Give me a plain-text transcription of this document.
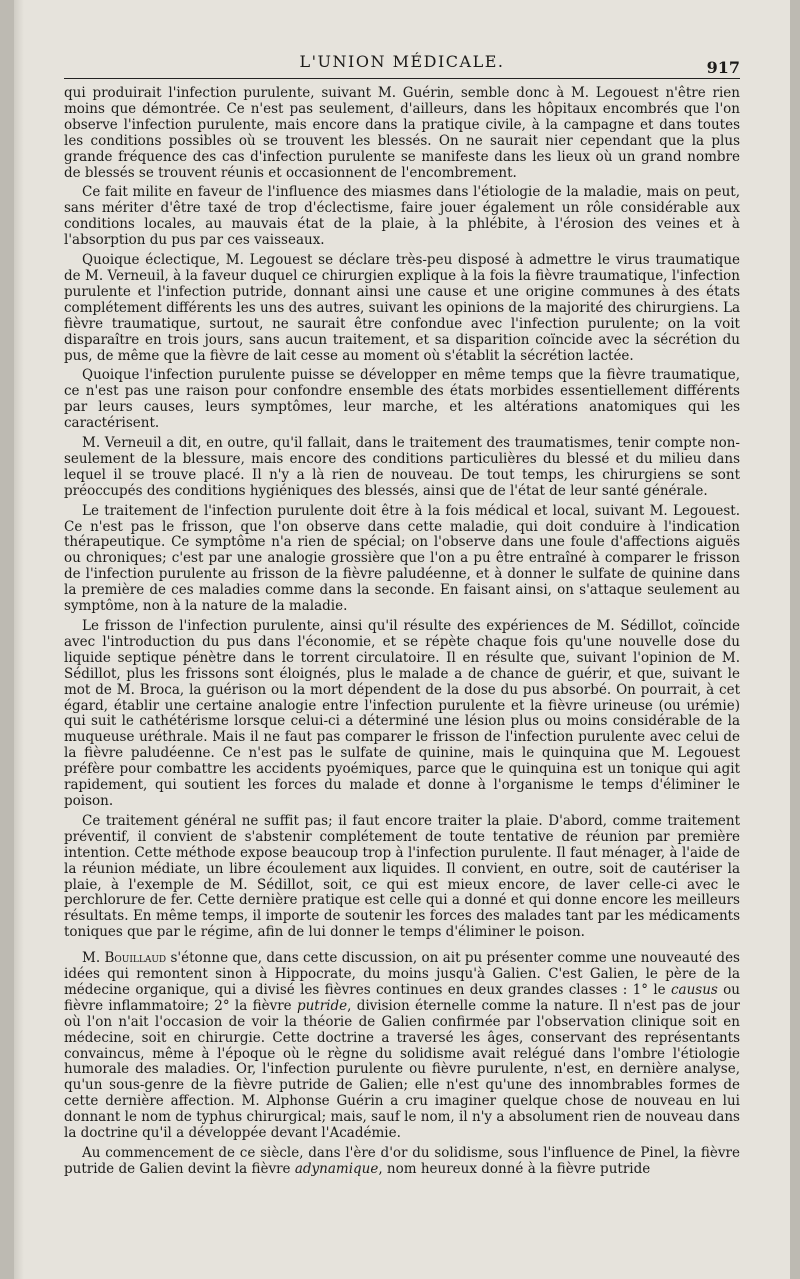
L'UNION MÉDICALE.	917

qui produirait l'infection purulente, suivant M. Guérin, semble donc à M. Legouest n'être rien moins que démontrée. Ce n'est pas seulement, d'ailleurs, dans les hôpitaux encombrés que l'on observe l'infection purulente, mais encore dans la pratique civile, à la campagne et dans toutes les conditions possibles où se trouvent les blessés. On ne saurait nier cependant que la plus grande fréquence des cas d'infection purulente se manifeste dans les lieux où un grand nombre de blessés se trouvent réunis et occasionnent de l'encombrement.

Ce fait milite en faveur de l'influence des miasmes dans l'étiologie de la maladie, mais on peut, sans mériter d'être taxé de trop d'éclectisme, faire jouer également un rôle considérable aux conditions locales, au mauvais état de la plaie, à la phlébite, à l'érosion des veines et à l'absorption du pus par ces vaisseaux.

Quoique éclectique, M. Legouest se déclare très-peu disposé à admettre le virus traumatique de M. Verneuil, à la faveur duquel ce chirurgien explique à la fois la fièvre traumatique, l'infection purulente et l'infection putride, donnant ainsi une cause et une origine communes à des états complétement différents les uns des autres, suivant les opinions de la majorité des chirurgiens. La fièvre traumatique, surtout, ne saurait être confondue avec l'infection purulente; on la voit disparaître en trois jours, sans aucun traitement, et sa disparition coïncide avec la sécrétion du pus, de même que la fièvre de lait cesse au moment où s'établit la sécrétion lactée.

Quoique l'infection purulente puisse se développer en même temps que la fièvre traumatique, ce n'est pas une raison pour confondre ensemble des états morbides essentiellement différents par leurs causes, leurs symptômes, leur marche, et les altérations anatomiques qui les caractérisent.

M. Verneuil a dit, en outre, qu'il fallait, dans le traitement des traumatismes, tenir compte non-seulement de la blessure, mais encore des conditions particulières du blessé et du milieu dans lequel il se trouve placé. Il n'y a là rien de nouveau. De tout temps, les chirurgiens se sont préoccupés des conditions hygiéniques des blessés, ainsi que de l'état de leur santé générale.

Le traitement de l'infection purulente doit être à la fois médical et local, suivant M. Legouest. Ce n'est pas le frisson, que l'on observe dans cette maladie, qui doit conduire à l'indication thérapeutique. Ce symptôme n'a rien de spécial; on l'observe dans une foule d'affections aiguës ou chroniques; c'est par une analogie grossière que l'on a pu être entraîné à comparer le frisson de l'infection purulente au frisson de la fièvre paludéenne, et à donner le sulfate de quinine dans la première de ces maladies comme dans la seconde. En faisant ainsi, on s'attaque seulement au symptôme, non à la nature de la maladie.

Le frisson de l'infection purulente, ainsi qu'il résulte des expériences de M. Sédillot, coïncide avec l'introduction du pus dans l'économie, et se répète chaque fois qu'une nouvelle dose du liquide septique pénètre dans le torrent circulatoire. Il en résulte que, suivant l'opinion de M. Sédillot, plus les frissons sont éloignés, plus le malade a de chance de guérir, et que, suivant le mot de M. Broca, la guérison ou la mort dépendent de la dose du pus absorbé. On pourrait, à cet égard, établir une certaine analogie entre l'infection purulente et la fièvre urineuse (ou urémie) qui suit le cathétérisme lorsque celui-ci a déterminé une lésion plus ou moins considérable de la muqueuse uréthrale. Mais il ne faut pas comparer le frisson de l'infection purulente avec celui de la fièvre paludéenne. Ce n'est pas le sulfate de quinine, mais le quinquina que M. Legouest préfère pour combattre les accidents pyoémiques, parce que le quinquina est un tonique qui agit rapidement, qui soutient les forces du malade et donne à l'organisme le temps d'éliminer le poison.

Ce traitement général ne suffit pas; il faut encore traiter la plaie. D'abord, comme traitement préventif, il convient de s'abstenir complétement de toute tentative de réunion par première intention. Cette méthode expose beaucoup trop à l'infection purulente. Il faut ménager, à l'aide de la réunion médiate, un libre écoulement aux liquides. Il convient, en outre, soit de cautériser la plaie, à l'exemple de M. Sédillot, soit, ce qui est mieux encore, de laver celle-ci avec le perchlorure de fer. Cette dernière pratique est celle qui a donné et qui donne encore les meilleurs résultats. En même temps, il importe de soutenir les forces des malades tant par les médicaments toniques que par le régime, afin de lui donner le temps d'éliminer le poison.

M. Bouillaud s'étonne que, dans cette discussion, on ait pu présenter comme une nouveauté des idées qui remontent sinon à Hippocrate, du moins jusqu'à Galien. C'est Galien, le père de la médecine organique, qui a divisé les fièvres continues en deux grandes classes : 1° le causus ou fièvre inflammatoire; 2° la fièvre putride, division éternelle comme la nature. Il n'est pas de jour où l'on n'ait l'occasion de voir la théorie de Galien confirmée par l'observation clinique soit en médecine, soit en chirurgie. Cette doctrine a traversé les âges, conservant des représentants convaincus, même à l'époque où le règne du solidisme avait relégué dans l'ombre l'étiologie humorale des maladies. Or, l'infection purulente ou fièvre purulente, n'est, en dernière analyse, qu'un sous-genre de la fièvre putride de Galien; elle n'est qu'une des innombrables formes de cette dernière affection. M. Alphonse Guérin a cru imaginer quelque chose de nouveau en lui donnant le nom de typhus chirurgical; mais, sauf le nom, il n'y a absolument rien de nouveau dans la doctrine qu'il a développée devant l'Académie.

Au commencement de ce siècle, dans l'ère d'or du solidisme, sous l'influence de Pinel, la fièvre putride de Galien devint la fièvre adynamique, nom heureux donné à la fièvre putride
